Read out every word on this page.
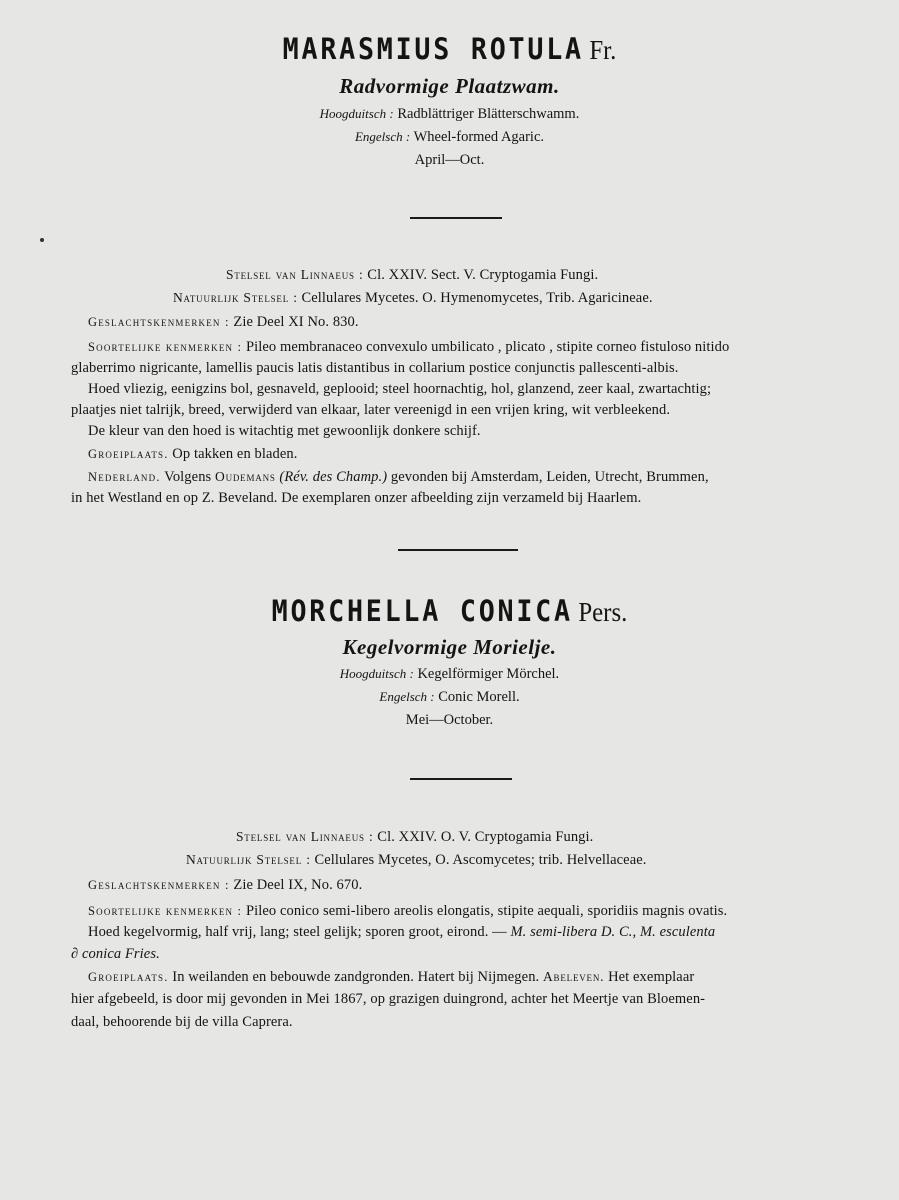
MARASMIUS ROTULA Fr.
Radvormige Plaatzwam.
Hoogduitsch : Radblättriger Blätterschwamm.
Engelsch : Wheel-formed Agaric.
April—Oct.
Stelsel van Linnaeus : Cl. XXIV. Sect. V. Cryptogamia Fungi.
Natuurlijk Stelsel : Cellulares Mycetes. O. Hymenomycetes, Trib. Agaricineae.
Geslachtskenmerken : Zie Deel XI No. 830.
Soortelijke kenmerken : Pileo membranaceo convexulo umbilicato , plicato , stipite corneo fistuloso nitido
glaberrimo nigricante, lamellis paucis latis distantibus in collarium postice conjunctis pallescenti-albis.
Hoed vliezig, eenigzins bol, gesnaveld, geplooid; steel hoornachtig, hol, glanzend, zeer kaal, zwartachtig;
plaatjes niet talrijk, breed, verwijderd van elkaar, later vereenigd in een vrijen kring, wit verbleekend.
De kleur van den hoed is witachtig met gewoonlijk donkere schijf.
Groeiplaats. Op takken en bladen.
Nederland. Volgens Oudemans (Rév. des Champ.) gevonden bij Amsterdam, Leiden, Utrecht, Brummen,
in het Westland en op Z. Beveland. De exemplaren onzer afbeelding zijn verzameld bij Haarlem.
MORCHELLA CONICA Pers.
Kegelvormige Morielje.
Hoogduitsch : Kegelförmiger Mörchel.
Engelsch : Conic Morell.
Mei—October.
Stelsel van Linnaeus : Cl. XXIV. O. V. Cryptogamia Fungi.
Natuurlijk Stelsel : Cellulares Mycetes, O. Ascomycetes; trib. Helvellaceae.
Geslachtskenmerken : Zie Deel IX, No. 670.
Soortelijke kenmerken : Pileo conico semi-libero areolis elongatis, stipite aequali, sporidiis magnis ovatis.
Hoed kegelvormig, half vrij, lang; steel gelijk; sporen groot, eirond. — M. semi-libera D. C., M. esculenta
∂ conica Fries.
Groeiplaats. In weilanden en bebouwde zandgronden. Hatert bij Nijmegen. Abeleven. Het exemplaar
hier afgebeeld, is door mij gevonden in Mei 1867, op grazigen duingrond, achter het Meertje van Bloemen-
daal, behoorende bij de villa Caprera.
